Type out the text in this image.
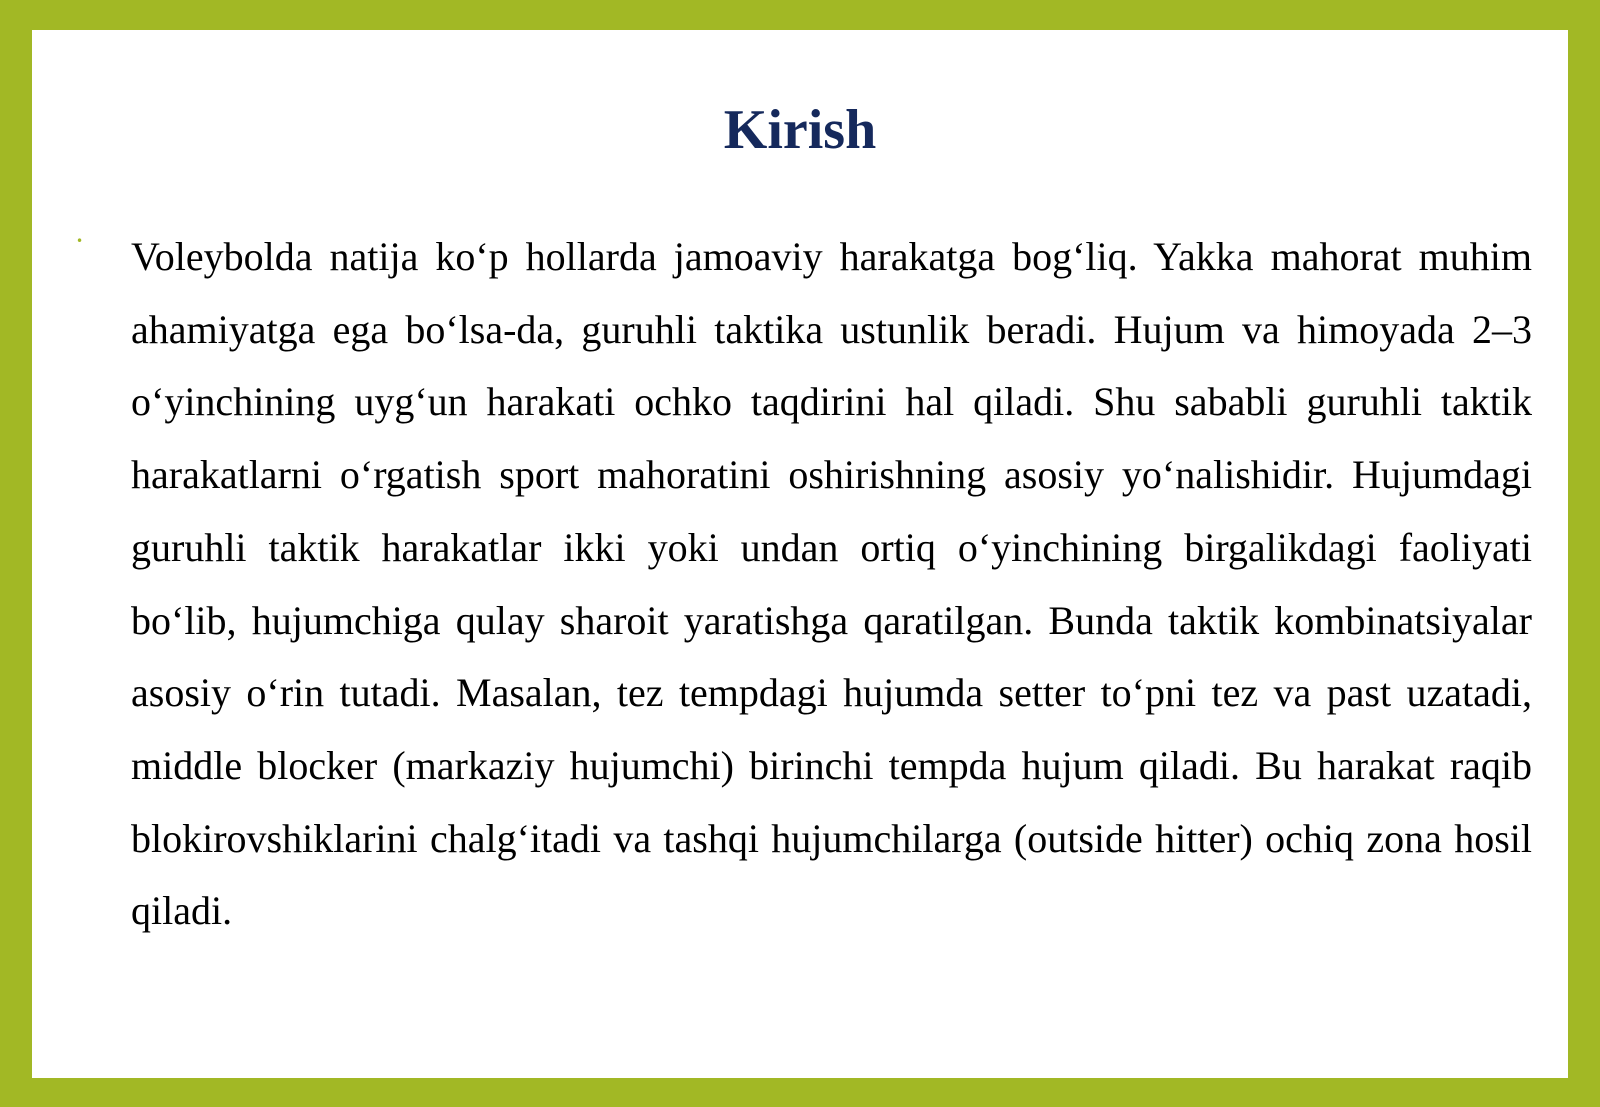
Kirish
• Voleybolda natija ko‘p hollarda jamoaviy harakatga bog‘liq. Yakka mahorat muhim ahamiyatga ega bo‘lsa-da, guruhli taktika ustunlik beradi. Hujum va himoyada 2–3 o‘yinchining uyg‘un harakati ochko taqdirini hal qiladi. Shu sababli guruhli taktik harakatlarni o‘rgatish sport mahoratini oshirishning asosiy yo‘nalishidir. Hujumdagi guruhli taktik harakatlar ikki yoki undan ortiq o‘yinchining birgalikdagi faoliyati bo‘lib, hujumchiga qulay sharoit yaratishga qaratilgan. Bunda taktik kombinatsiyalar asosiy o‘rin tutadi. Masalan, tez tempdagi hujumda setter to‘pni tez va past uzatadi, middle blocker (markaziy hujumchi) birinchi tempda hujum qiladi. Bu harakat raqib blokirovshiklarini chalg‘itadi va tashqi hujumchilarga (outside hitter) ochiq zona hosil qiladi.
